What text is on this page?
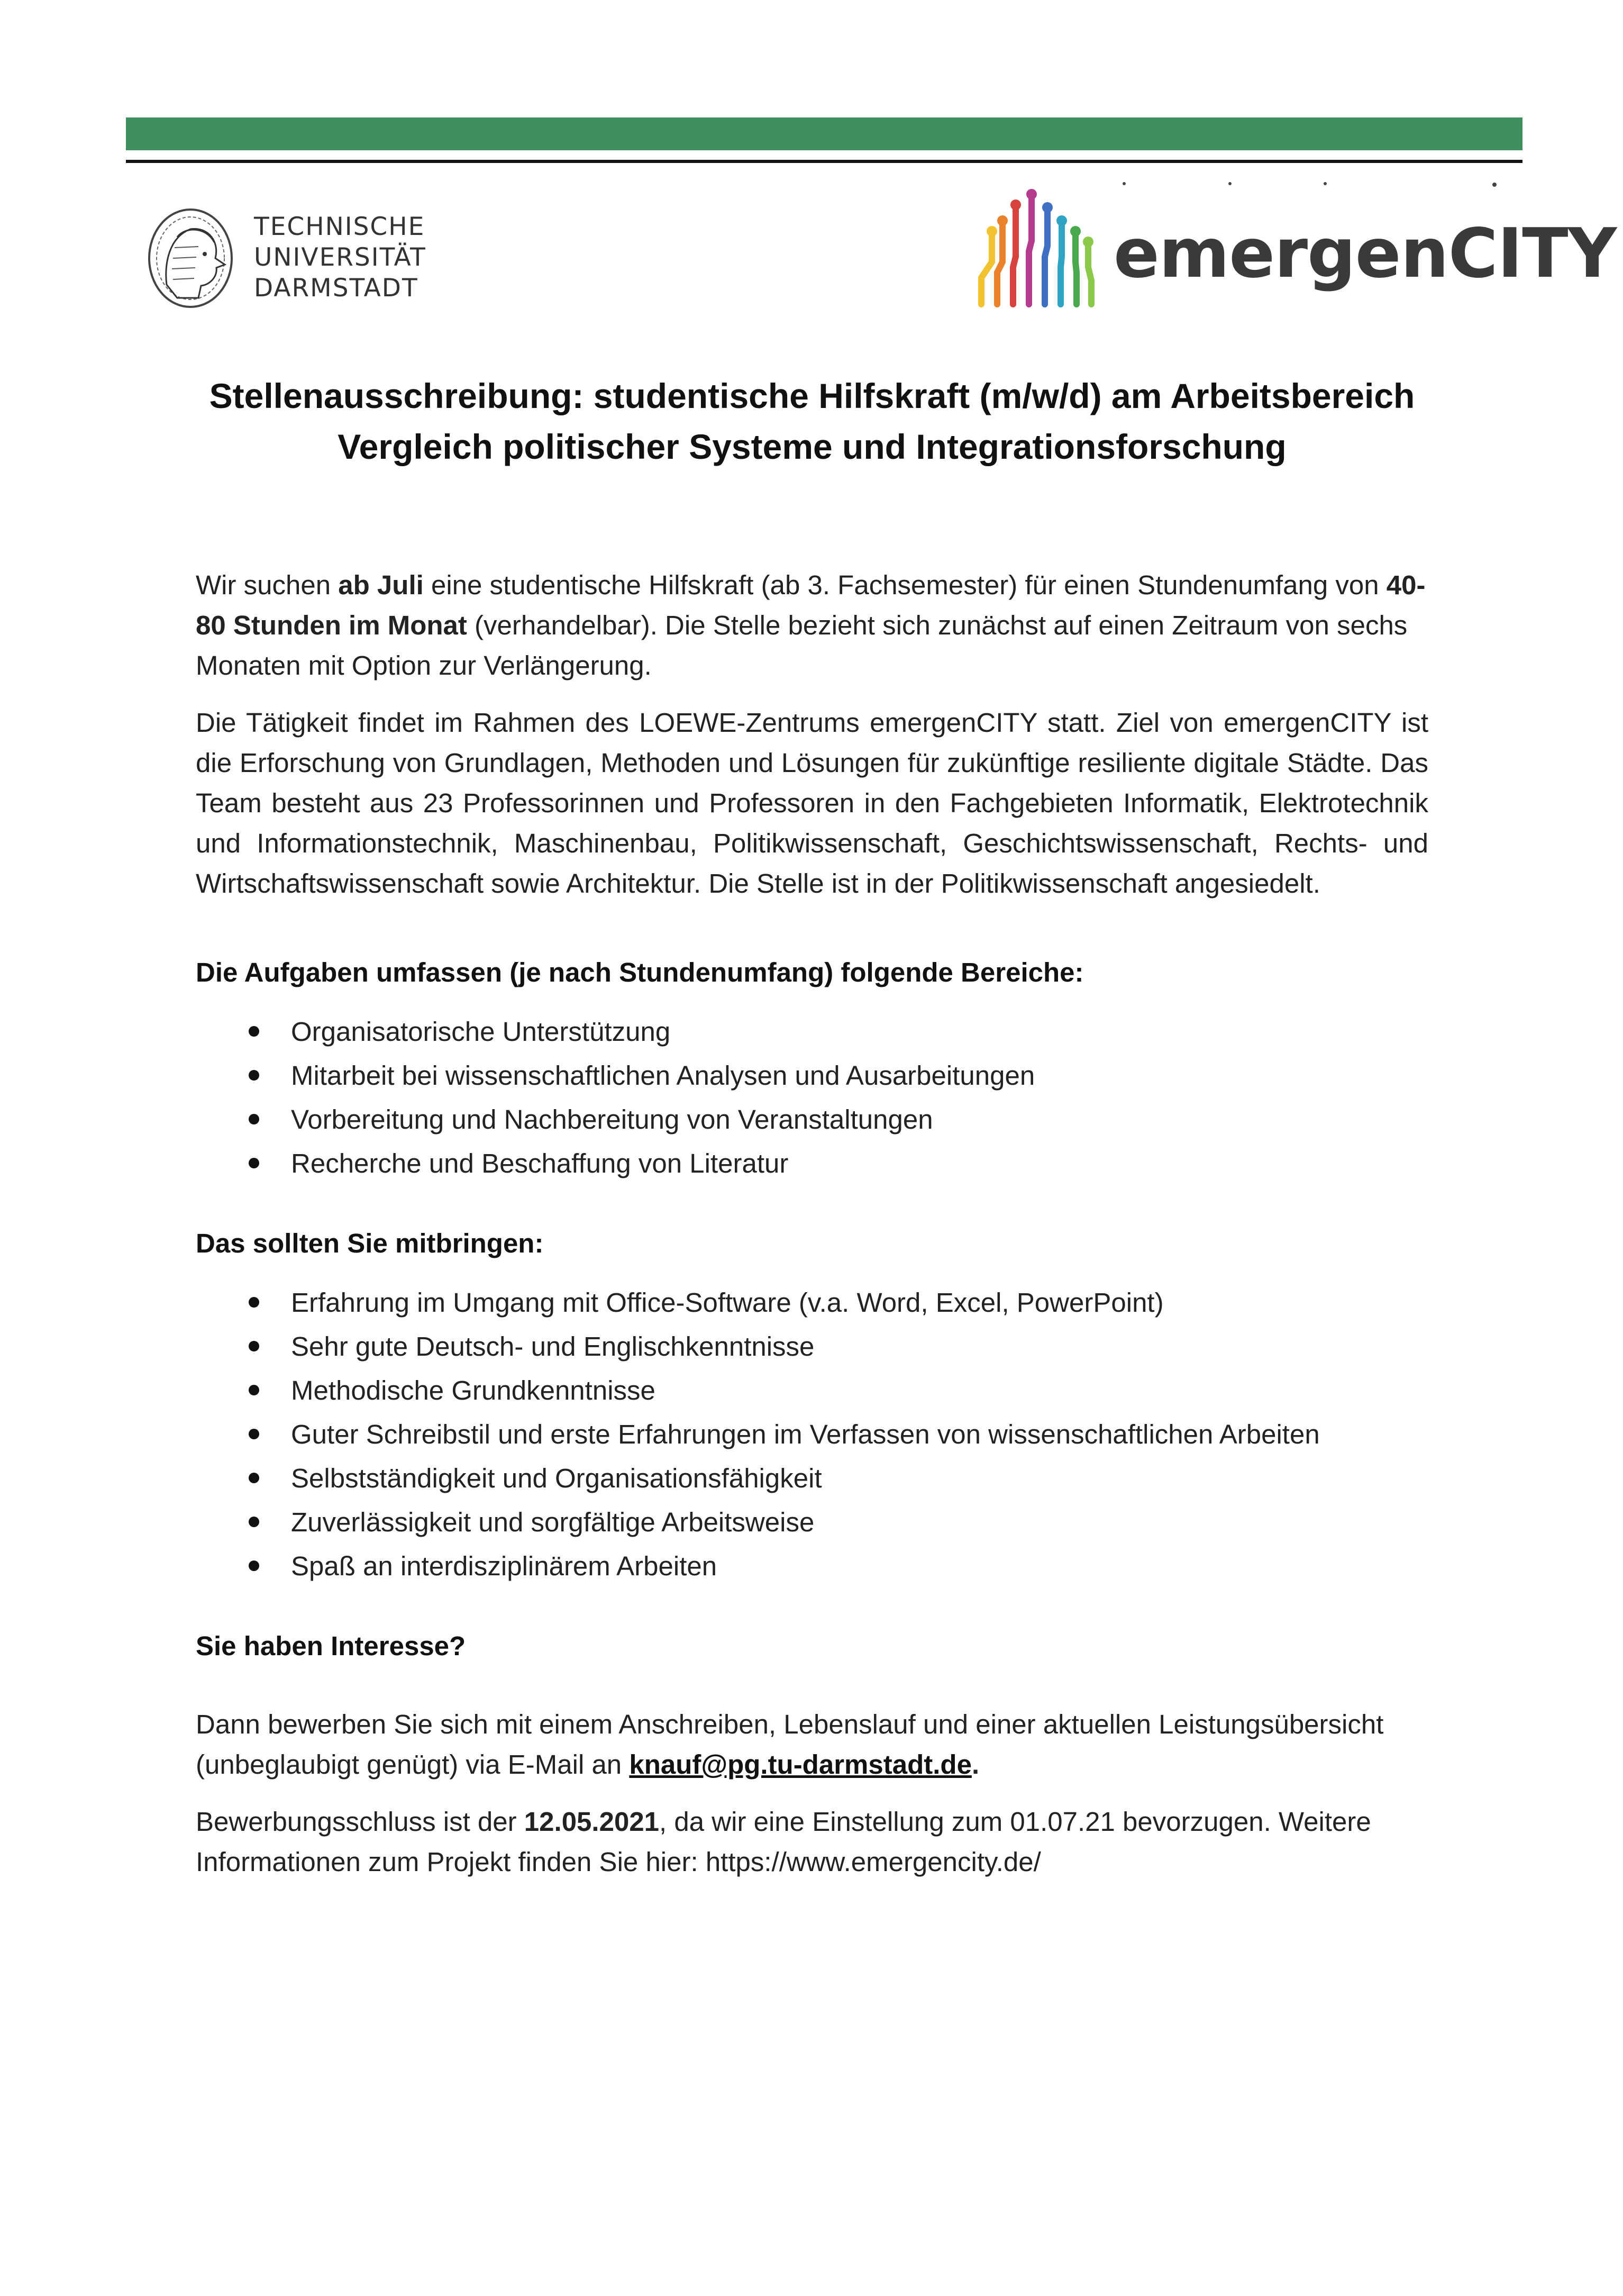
TECHNISCHE
UNIVERSITÄT
DARMSTADT	emergenCITY
Stellenausschreibung: studentische Hilfskraft (m/w/d) am Arbeitsbereich
Vergleich politischer Systeme und Integrationsforschung

Wir suchen ab Juli eine studentische Hilfskraft (ab 3. Fachsemester) für einen Stundenumfang von 40-80 Stunden im Monat (verhandelbar). Die Stelle bezieht sich zunächst auf einen Zeitraum von sechs Monaten mit Option zur Verlängerung.

Die Tätigkeit findet im Rahmen des LOEWE-Zentrums emergenCITY statt. Ziel von emergenCITY ist die Erforschung von Grundlagen, Methoden und Lösungen für zukünftige resiliente digitale Städte. Das Team besteht aus 23 Professorinnen und Professoren in den Fachgebieten Informatik, Elektrotechnik und Informationstechnik, Maschinenbau, Politikwissenschaft, Geschichtswissenschaft, Rechts- und Wirtschaftswissenschaft sowie Architektur. Die Stelle ist in der Politikwissenschaft angesiedelt.

Die Aufgaben umfassen (je nach Stundenumfang) folgende Bereiche:
Organisatorische Unterstützung
Mitarbeit bei wissenschaftlichen Analysen und Ausarbeitungen
Vorbereitung und Nachbereitung von Veranstaltungen
Recherche und Beschaffung von Literatur
Das sollten Sie mitbringen:
Erfahrung im Umgang mit Office-Software (v.a. Word, Excel, PowerPoint)
Sehr gute Deutsch- und Englischkenntnisse
Methodische Grundkenntnisse
Guter Schreibstil und erste Erfahrungen im Verfassen von wissenschaftlichen Arbeiten
Selbstständigkeit und Organisationsfähigkeit
Zuverlässigkeit und sorgfältige Arbeitsweise
Spaß an interdisziplinärem Arbeiten
Sie haben Interesse?

Dann bewerben Sie sich mit einem Anschreiben, Lebenslauf und einer aktuellen Leistungsübersicht (unbeglaubigt genügt) via E-Mail an knauf@pg.tu-darmstadt.de.

Bewerbungsschluss ist der 12.05.2021, da wir eine Einstellung zum 01.07.21 bevorzugen. Weitere Informationen zum Projekt finden Sie hier: https://www.emergencity.de/
